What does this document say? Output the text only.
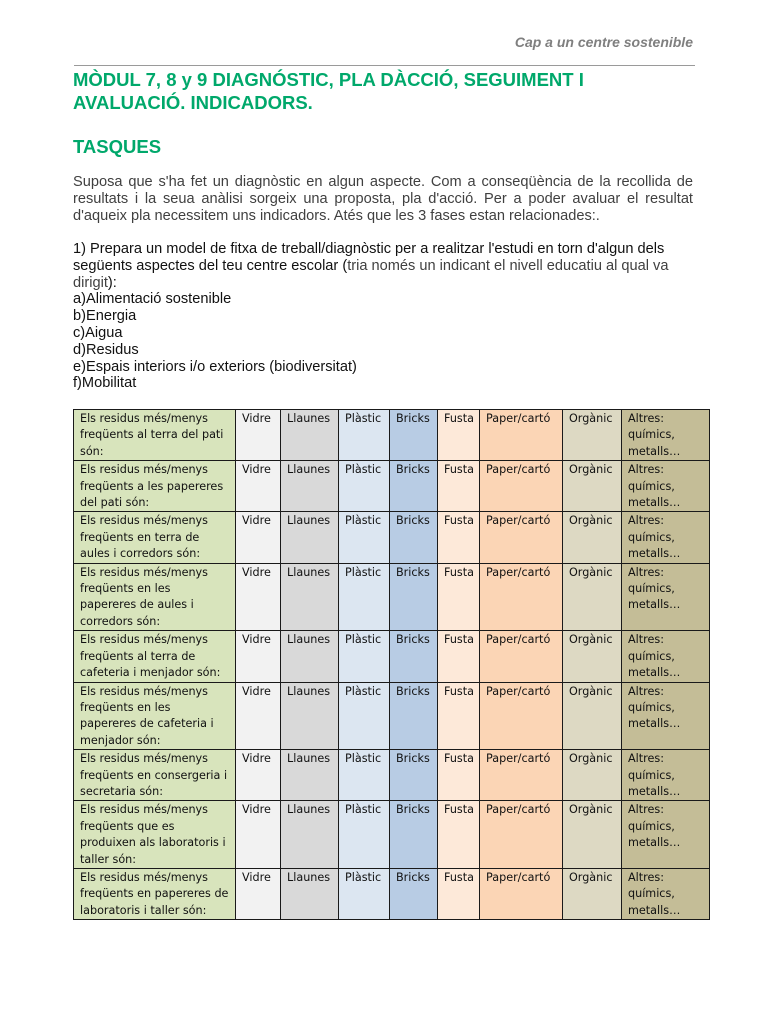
Cap a un centre sostenible
MÒDUL 7, 8 y 9 DIAGNÓSTIC, PLA DÀCCIÓ, SEGUIMENT I AVALUACIÓ. INDICADORS.
TASQUES

Suposa que s'ha fet un diagnòstic en algun aspecte. Com a conseqüència de la recollida de resultats i la seua anàlisi sorgeix una proposta, pla d'acció. Per a poder avaluar el resultat d'aqueix pla necessitem uns indicadors. Atés que les 3 fases estan relacionades:.

1) Prepara un model de fitxa de treball/diagnòstic per a realitzar l'estudi en torn d'algun dels següents aspectes del teu centre escolar (tria només un indicant el nivell educatiu al qual va dirigit):
a)Alimentació sostenible
b)Energia
c)Aigua
d)Residus
e)Espais interiors i/o exteriors (biodiversitat)
f)Mobilitat
Els residus més/menys freqüents al terra del pati són:	Vidre	Llaunes	Plàstic	Bricks	Fusta	Paper/cartó	Orgànic	Altres: químics, metalls…
Els residus més/menys freqüents a les papereres del pati són:	Vidre	Llaunes	Plàstic	Bricks	Fusta	Paper/cartó	Orgànic	Altres: químics, metalls…
Els residus més/menys freqüents en terra de aules i corredors són:	Vidre	Llaunes	Plàstic	Bricks	Fusta	Paper/cartó	Orgànic	Altres: químics, metalls…
Els residus més/menys freqüents en les papereres de aules i corredors són:	Vidre	Llaunes	Plàstic	Bricks	Fusta	Paper/cartó	Orgànic	Altres: químics, metalls…
Els residus més/menys freqüents al terra de cafeteria i menjador són:	Vidre	Llaunes	Plàstic	Bricks	Fusta	Paper/cartó	Orgànic	Altres: químics, metalls…
Els residus més/menys freqüents en les papereres de cafeteria i menjador són:	Vidre	Llaunes	Plàstic	Bricks	Fusta	Paper/cartó	Orgànic	Altres: químics, metalls…
Els residus més/menys freqüents en consergeria i secretaria són:	Vidre	Llaunes	Plàstic	Bricks	Fusta	Paper/cartó	Orgànic	Altres: químics, metalls…
Els residus més/menys freqüents que es produixen als laboratoris i taller són:	Vidre	Llaunes	Plàstic	Bricks	Fusta	Paper/cartó	Orgànic	Altres: químics, metalls…
Els residus més/menys freqüents en papereres de laboratoris i taller són:	Vidre	Llaunes	Plàstic	Bricks	Fusta	Paper/cartó	Orgànic	Altres: químics, metalls…
